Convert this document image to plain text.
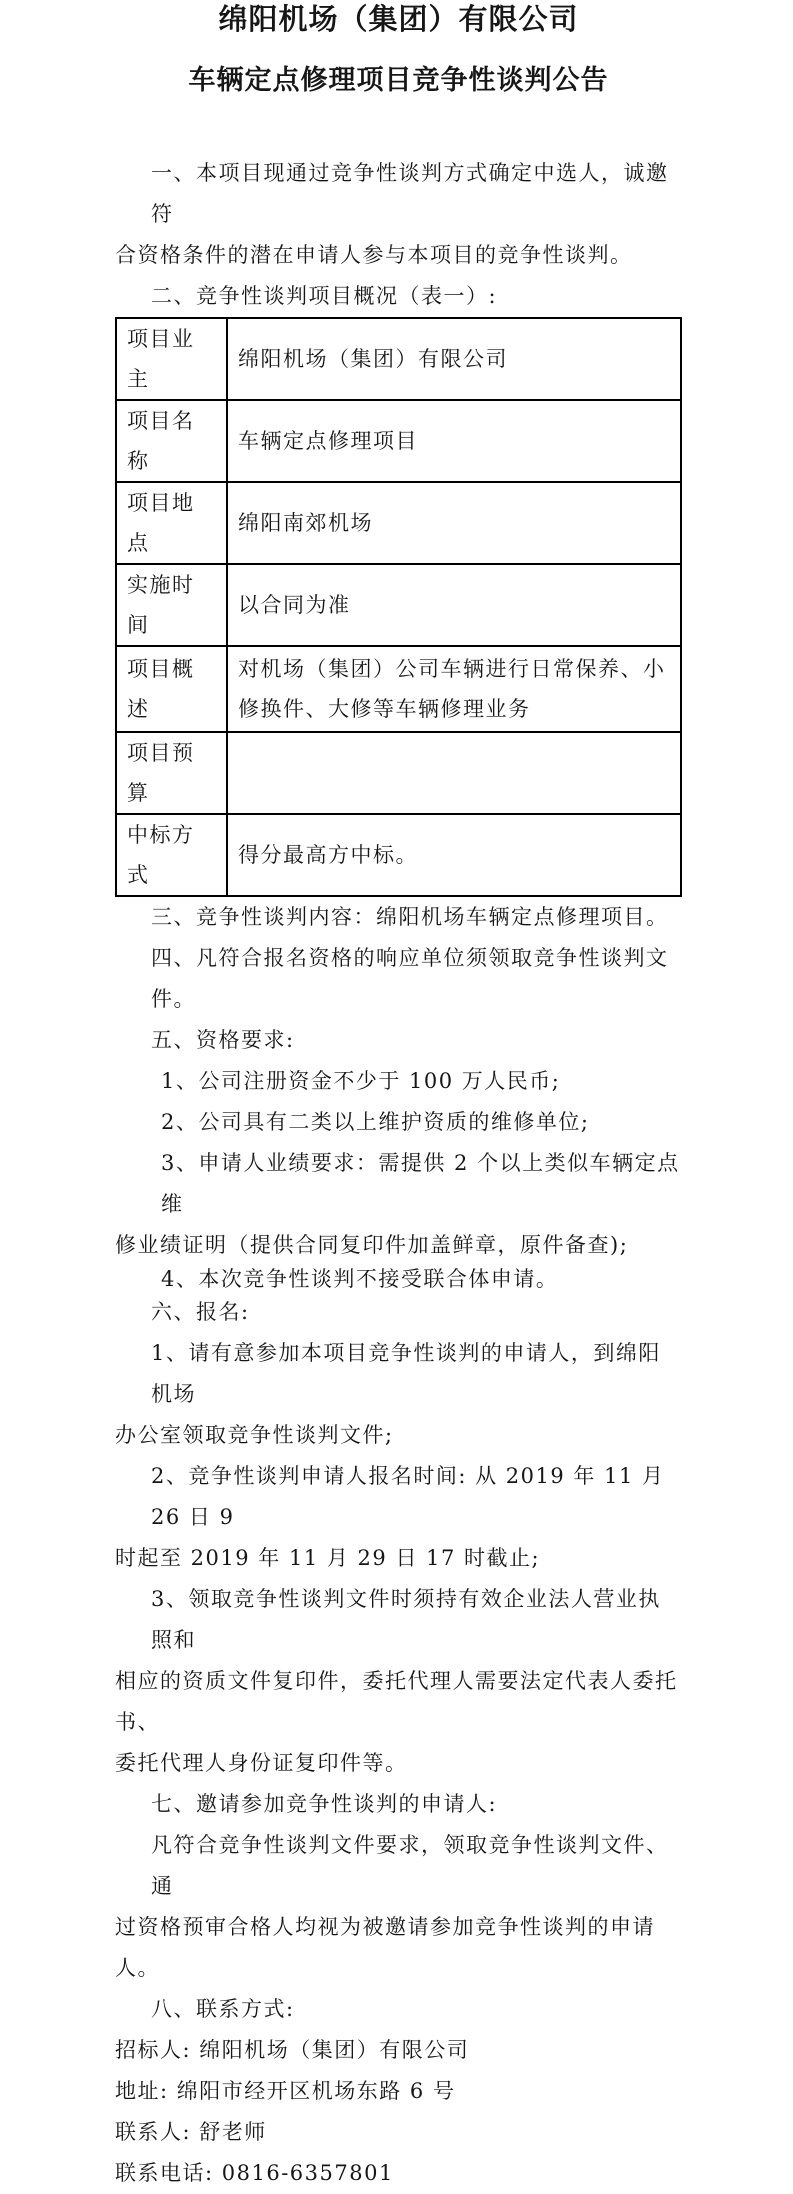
绵阳机场（集团）有限公司
车辆定点修理项目竞争性谈判公告
一、本项目现通过竞争性谈判方式确定中选人，诚邀符
合资格条件的潜在申请人参与本项目的竞争性谈判。
二、竞争性谈判项目概况（表一）:
项目业主	绵阳机场（集团）有限公司
项目名称	车辆定点修理项目
项目地点	绵阳南郊机场
实施时间	以合同为准
项目概述	对机场（集团）公司车辆进行日常保养、小修换件、大修等车辆修理业务
项目预算	
中标方式	得分最高方中标。
三、竞争性谈判内容：绵阳机场车辆定点修理项目。
四、凡符合报名资格的响应单位须领取竞争性谈判文件。
五、资格要求:
1、公司注册资金不少于 100 万人民币;
2、公司具有二类以上维护资质的维修单位;
3、申请人业绩要求：需提供 2 个以上类似车辆定点维
修业绩证明（提供合同复印件加盖鲜章，原件备查);
4、本次竞争性谈判不接受联合体申请。
六、报名:
1、请有意参加本项目竞争性谈判的申请人，到绵阳机场
办公室领取竞争性谈判文件;
2、竞争性谈判申请人报名时间: 从 2019 年 11 月 26 日 9
时起至 2019 年 11 月 29 日 17 时截止;
3、领取竞争性谈判文件时须持有效企业法人营业执照和
相应的资质文件复印件，委托代理人需要法定代表人委托书、
委托代理人身份证复印件等。
七、邀请参加竞争性谈判的申请人:
凡符合竞争性谈判文件要求，领取竞争性谈判文件、通
过资格预审合格人均视为被邀请参加竞争性谈判的申请人。
八、联系方式:
招标人: 绵阳机场（集团）有限公司
地址: 绵阳市经开区机场东路 6 号
联系人: 舒老师
联系电话: 0816-6357801
